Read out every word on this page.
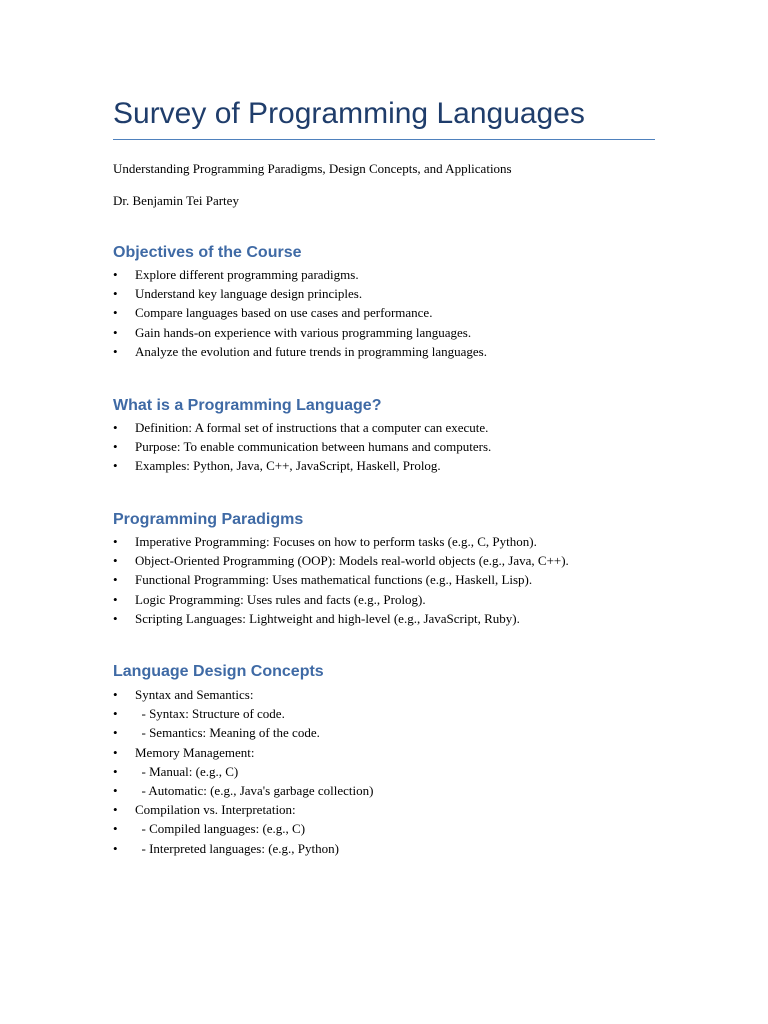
Survey of Programming Languages
Understanding Programming Paradigms, Design Concepts, and Applications
Dr. Benjamin Tei Partey
Objectives of the Course
• Explore different programming paradigms.
• Understand key language design principles.
• Compare languages based on use cases and performance.
• Gain hands-on experience with various programming languages.
• Analyze the evolution and future trends in programming languages.
What is a Programming Language?
• Definition: A formal set of instructions that a computer can execute.
• Purpose: To enable communication between humans and computers.
• Examples: Python, Java, C++, JavaScript, Haskell, Prolog.
Programming Paradigms
• Imperative Programming: Focuses on how to perform tasks (e.g., C, Python).
• Object-Oriented Programming (OOP): Models real-world objects (e.g., Java, C++).
• Functional Programming: Uses mathematical functions (e.g., Haskell, Lisp).
• Logic Programming: Uses rules and facts (e.g., Prolog).
• Scripting Languages: Lightweight and high-level (e.g., JavaScript, Ruby).
Language Design Concepts
• Syntax and Semantics:
• - Syntax: Structure of code.
• - Semantics: Meaning of the code.
• Memory Management:
• - Manual: (e.g., C)
• - Automatic: (e.g., Java's garbage collection)
• Compilation vs. Interpretation:
• - Compiled languages: (e.g., C)
• - Interpreted languages: (e.g., Python)
